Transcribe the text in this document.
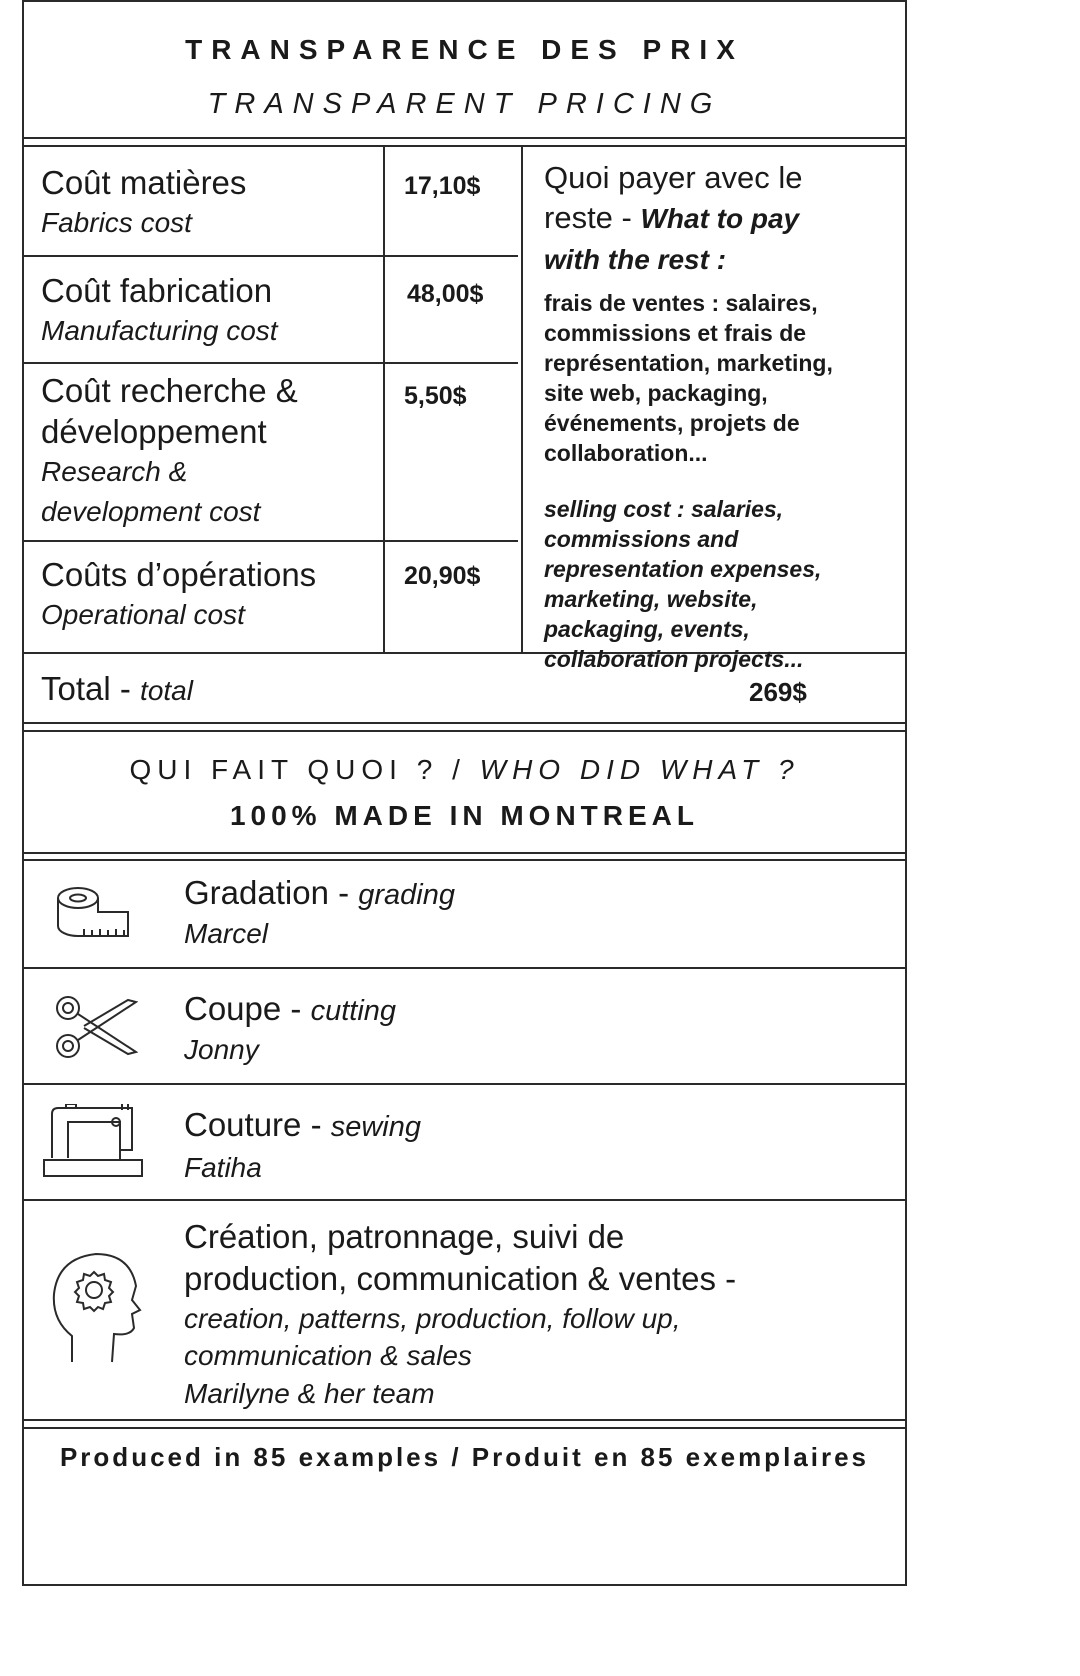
TRANSPARENCE DES PRIX
TRANSPARENT PRICING
Coût matières
Fabrics cost
17,10$
Coût fabrication
Manufacturing cost
48,00$
Coût recherche &
développement
Research &
development cost
5,50$
Coûts d’opérations
Operational cost
20,90$
Quoi payer avec le
reste - What to pay
with the rest :
frais de ventes : salaires,
commissions et frais de
représentation, marketing,
site web, packaging,
événements, projets de
collaboration...
selling cost : salaries,
commissions and
representation expenses,
marketing, website,
packaging, events,
collaboration projects...
Total - total	269$
QUI FAIT QUOI ? / WHO DID WHAT ?
100% MADE IN MONTREAL
Gradation - grading
Marcel
Coupe - cutting
Jonny
Couture - sewing
Fatiha
Création, patronnage, suivi de
production, communication & ventes -
creation, patterns, production, follow up,
communication & sales
Marilyne & her team
Produced in 85 examples / Produit en 85 exemplaires
